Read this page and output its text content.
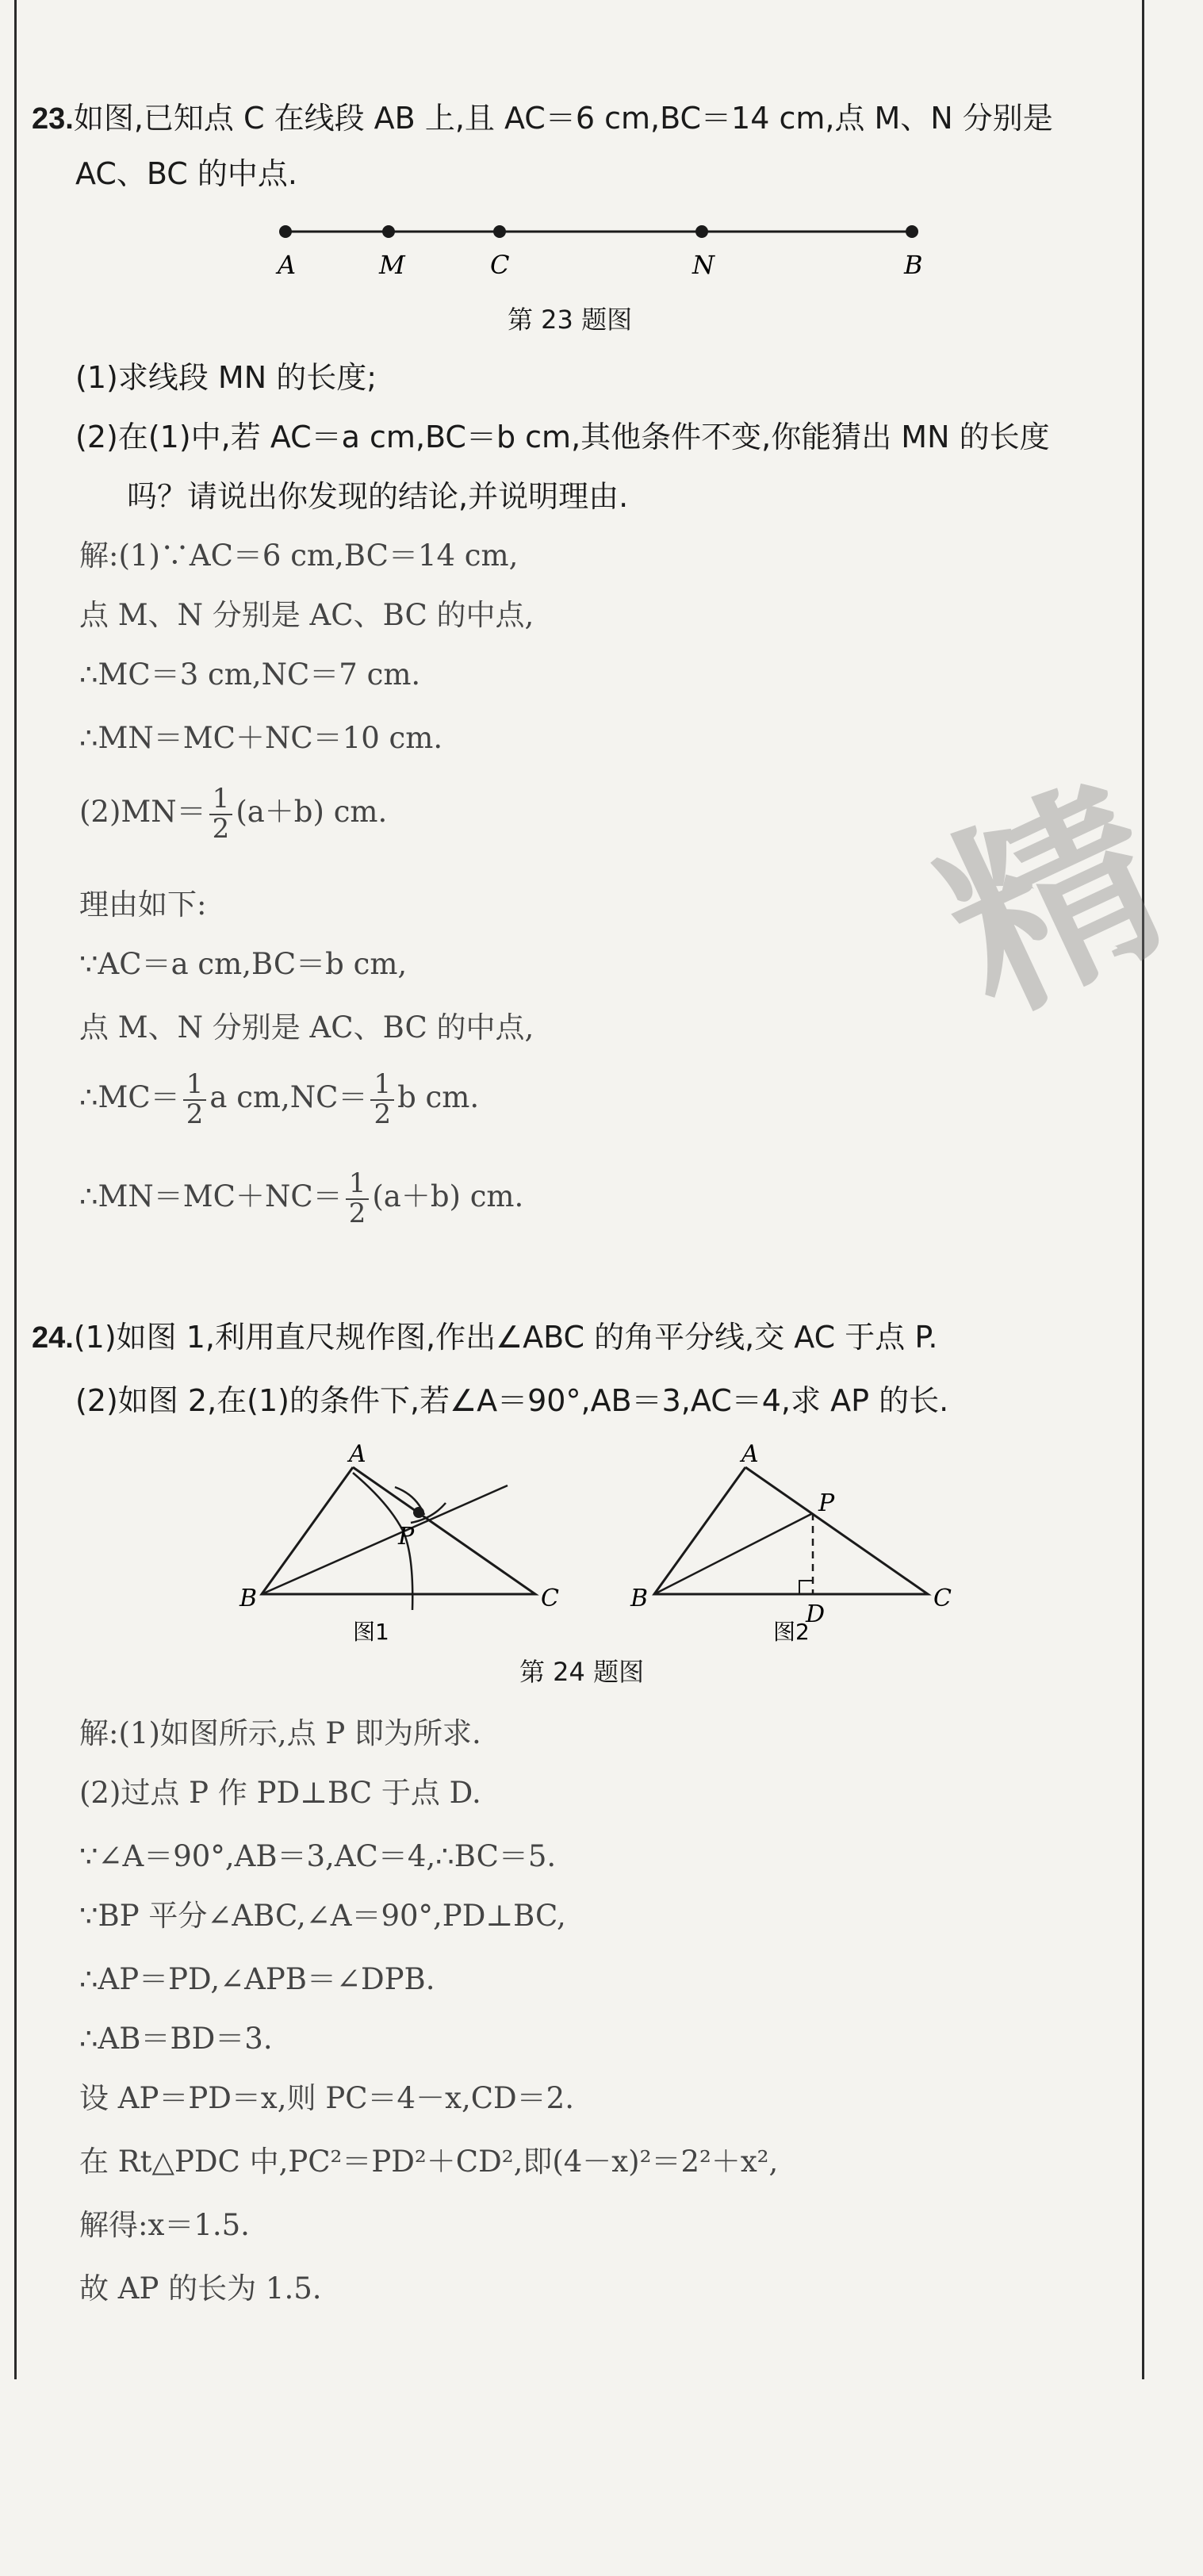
精
23.如图,已知点 C 在线段 AB 上,且 AC＝6 cm,BC＝14 cm,点 M、N 分别是
AC、BC 的中点.
A	M	C	N	B
第 23 题图
(1)求线段 MN 的长度;
(2)在(1)中,若 AC＝a cm,BC＝b cm,其他条件不变,你能猜出 MN 的长度
吗？请说出你发现的结论,并说明理由.
解:(1)∵AC＝6 cm,BC＝14 cm,
点 M、N 分别是 AC、BC 的中点,
∴MC＝3 cm,NC＝7 cm.
∴MN＝MC＋NC＝10 cm.
$(2)MN= \frac{1}{2} (a+b)$ cm.
理由如下:
∵AC＝a cm,BC＝b cm,
点 M、N 分别是 AC、BC 的中点,
∴MC＝ $\frac{1}{2}$ a $cm,NC= \frac{1}{2}$ b cm.
∴MN＝MC＋NC＝ $\frac{1}{2} (a+b)$ cm.
24.(1)如图 1,利用直尺规作图,作出∠ABC 的角平分线,交 AC 于点 P.
(2)如图 2,在(1)的条件下,若∠A＝90°,AB＝3,AC＝4,求 AP 的长.
A
B	C
P
图1
A
B	C
P
D
图2
第 24 题图
解:(1)如图所示,点 P 即为所求.
(2)过点 P 作 PD⊥BC 于点 D.
∵∠A＝90°,AB＝3,AC＝4,∴BC＝5.
∵BP 平分∠ABC,∠A＝90°,PD⊥BC,
∴AP＝PD,∠APB＝∠DPB.
∴AB＝BD＝3.
设 AP＝PD＝x,则 PC＝4－x,CD＝2.
在 Rt△PDC 中,PC²＝PD²＋CD²,即(4－x)²＝2²＋x²,
解得:x＝1.5.
故 AP 的长为 1.5.
